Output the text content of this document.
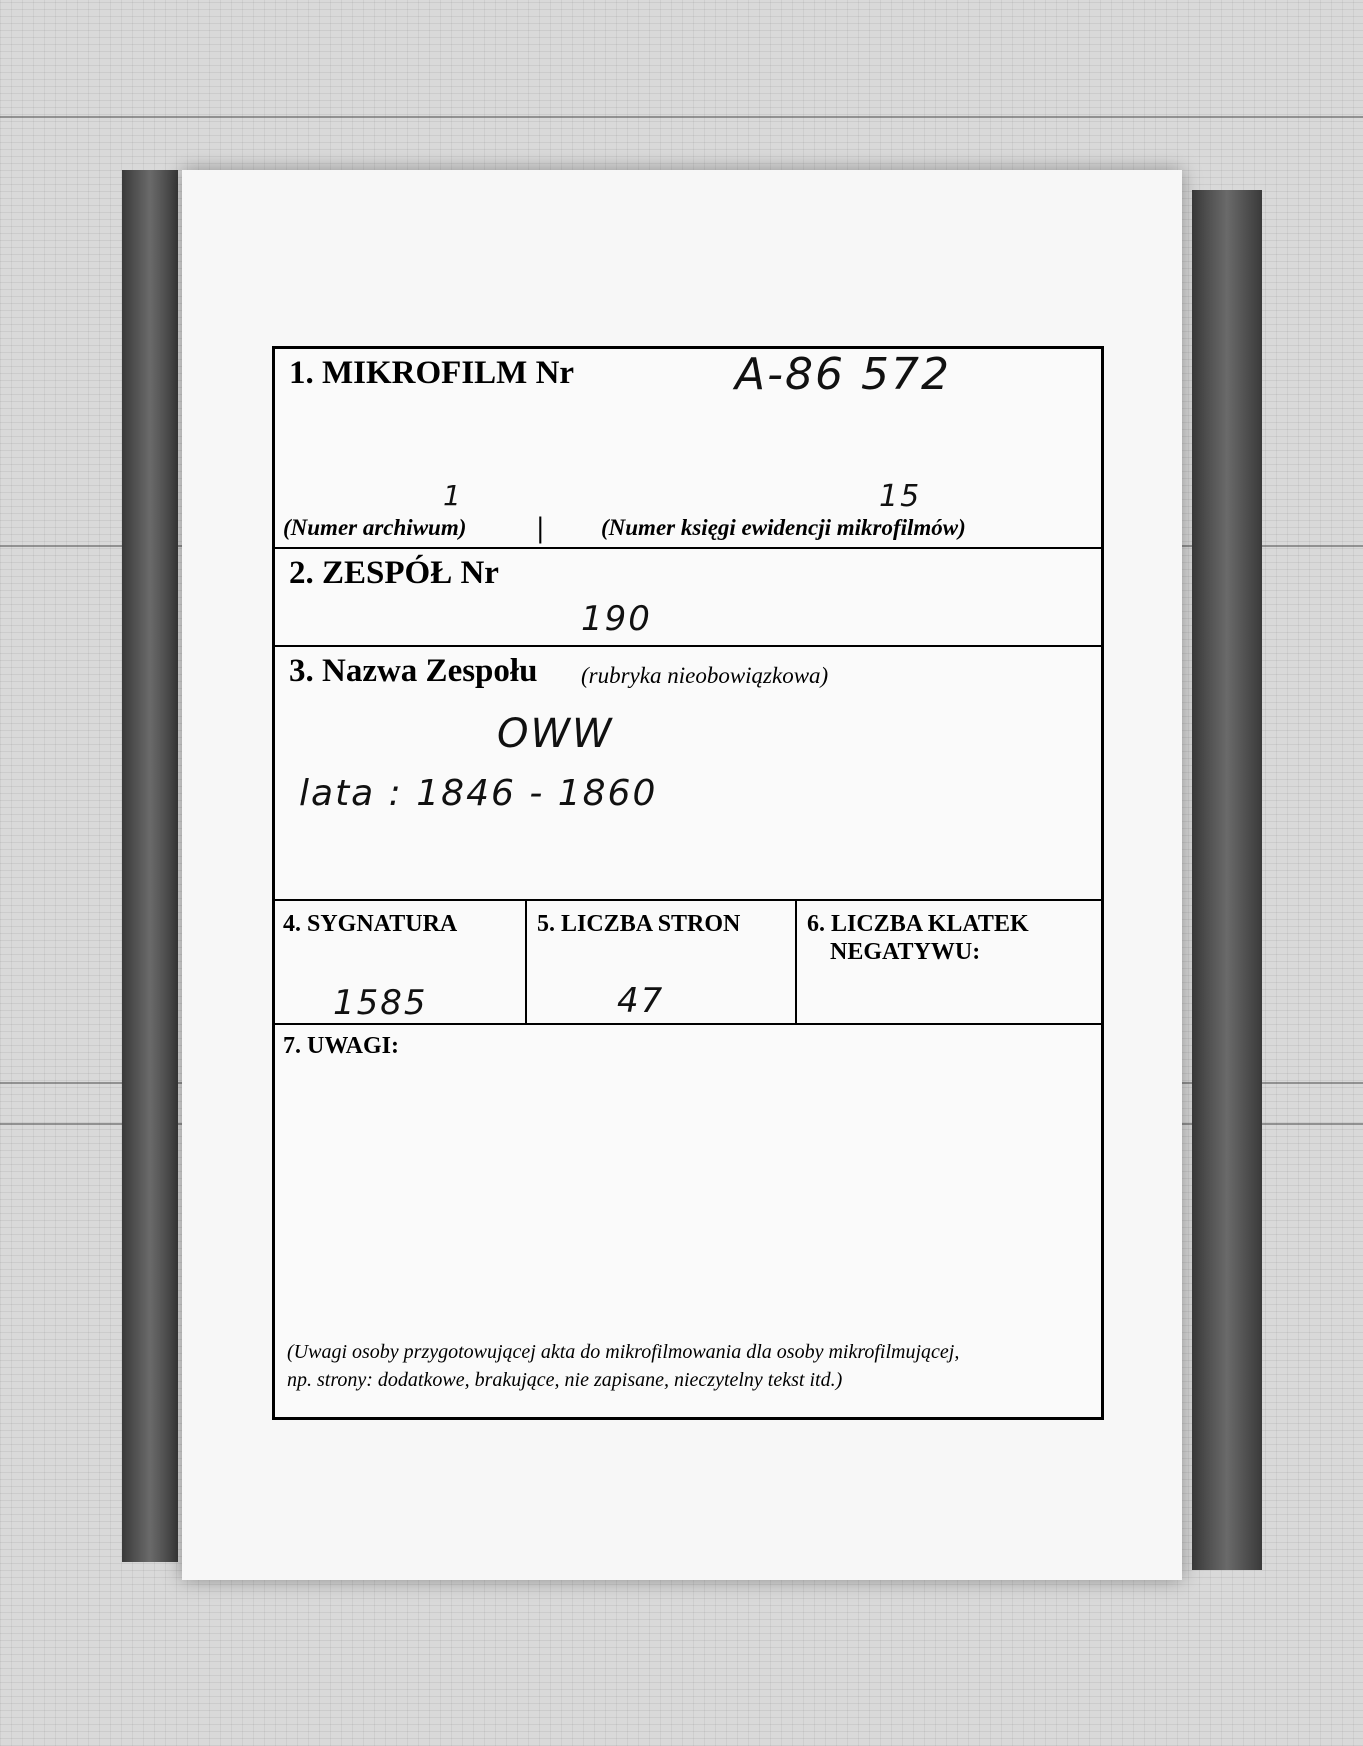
1. MIKROFILM Nr	A-86 572
1	15
(Numer archiwum) | (Numer księgi ewidencji mikrofilmów)
2. ZESPÓŁ Nr
190
3. Nazwa Zespołu (rubryka nieobowiązkowa)
OWW
lata : 1846 - 1860
4. SYGNATURA
1585
5. LICZBA STRON
47
6. LICZBA KLATEK
NEGATYWU:
7. UWAGI:
(Uwagi osoby przygotowującej akta do mikrofilmowania dla osoby mikrofilmującej,
np. strony: dodatkowe, brakujące, nie zapisane, nieczytelny tekst itd.)
